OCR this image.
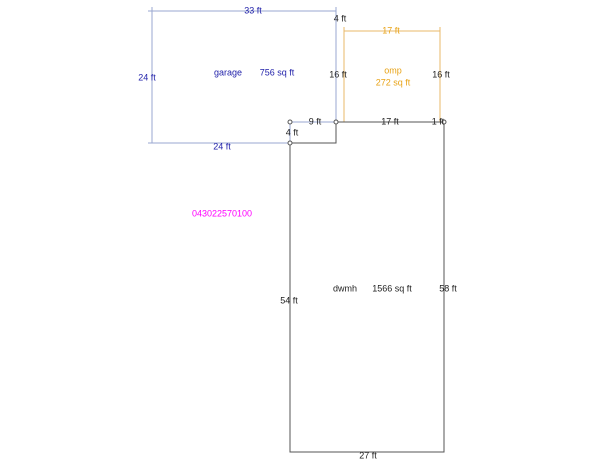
33 ft
24 ft
24 ft
garage 756 sq ft
4 ft
4 ft
17 ft
16 ft	16 ft
omp
272 sq ft
9 ft	17 ft	1 ft
54 ft
58 ft
27 ft
dwmh 1566 sq ft
043022570100
